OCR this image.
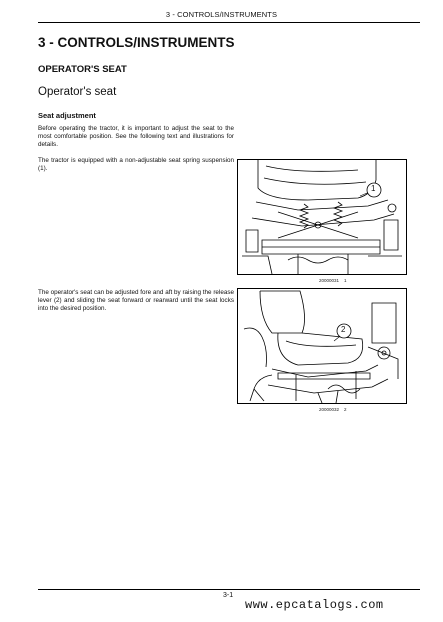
3 - CONTROLS/INSTRUMENTS
3 - CONTROLS/INSTRUMENTS
OPERATOR'S SEAT
Operator's seat
Seat adjustment
Before operating the tractor, it is important to adjust the seat to the most comfortable position. See the following text and illustrations for details.
The tractor is equipped with a non-adjustable seat spring suspension (1).
The operator's seat can be adjusted fore and aft by raising the release lever (2) and sliding the seat forward or rearward until the seat locks into the desired position.
1
20000031 1
2
20000032 2
3-1
www.epcatalogs.com
